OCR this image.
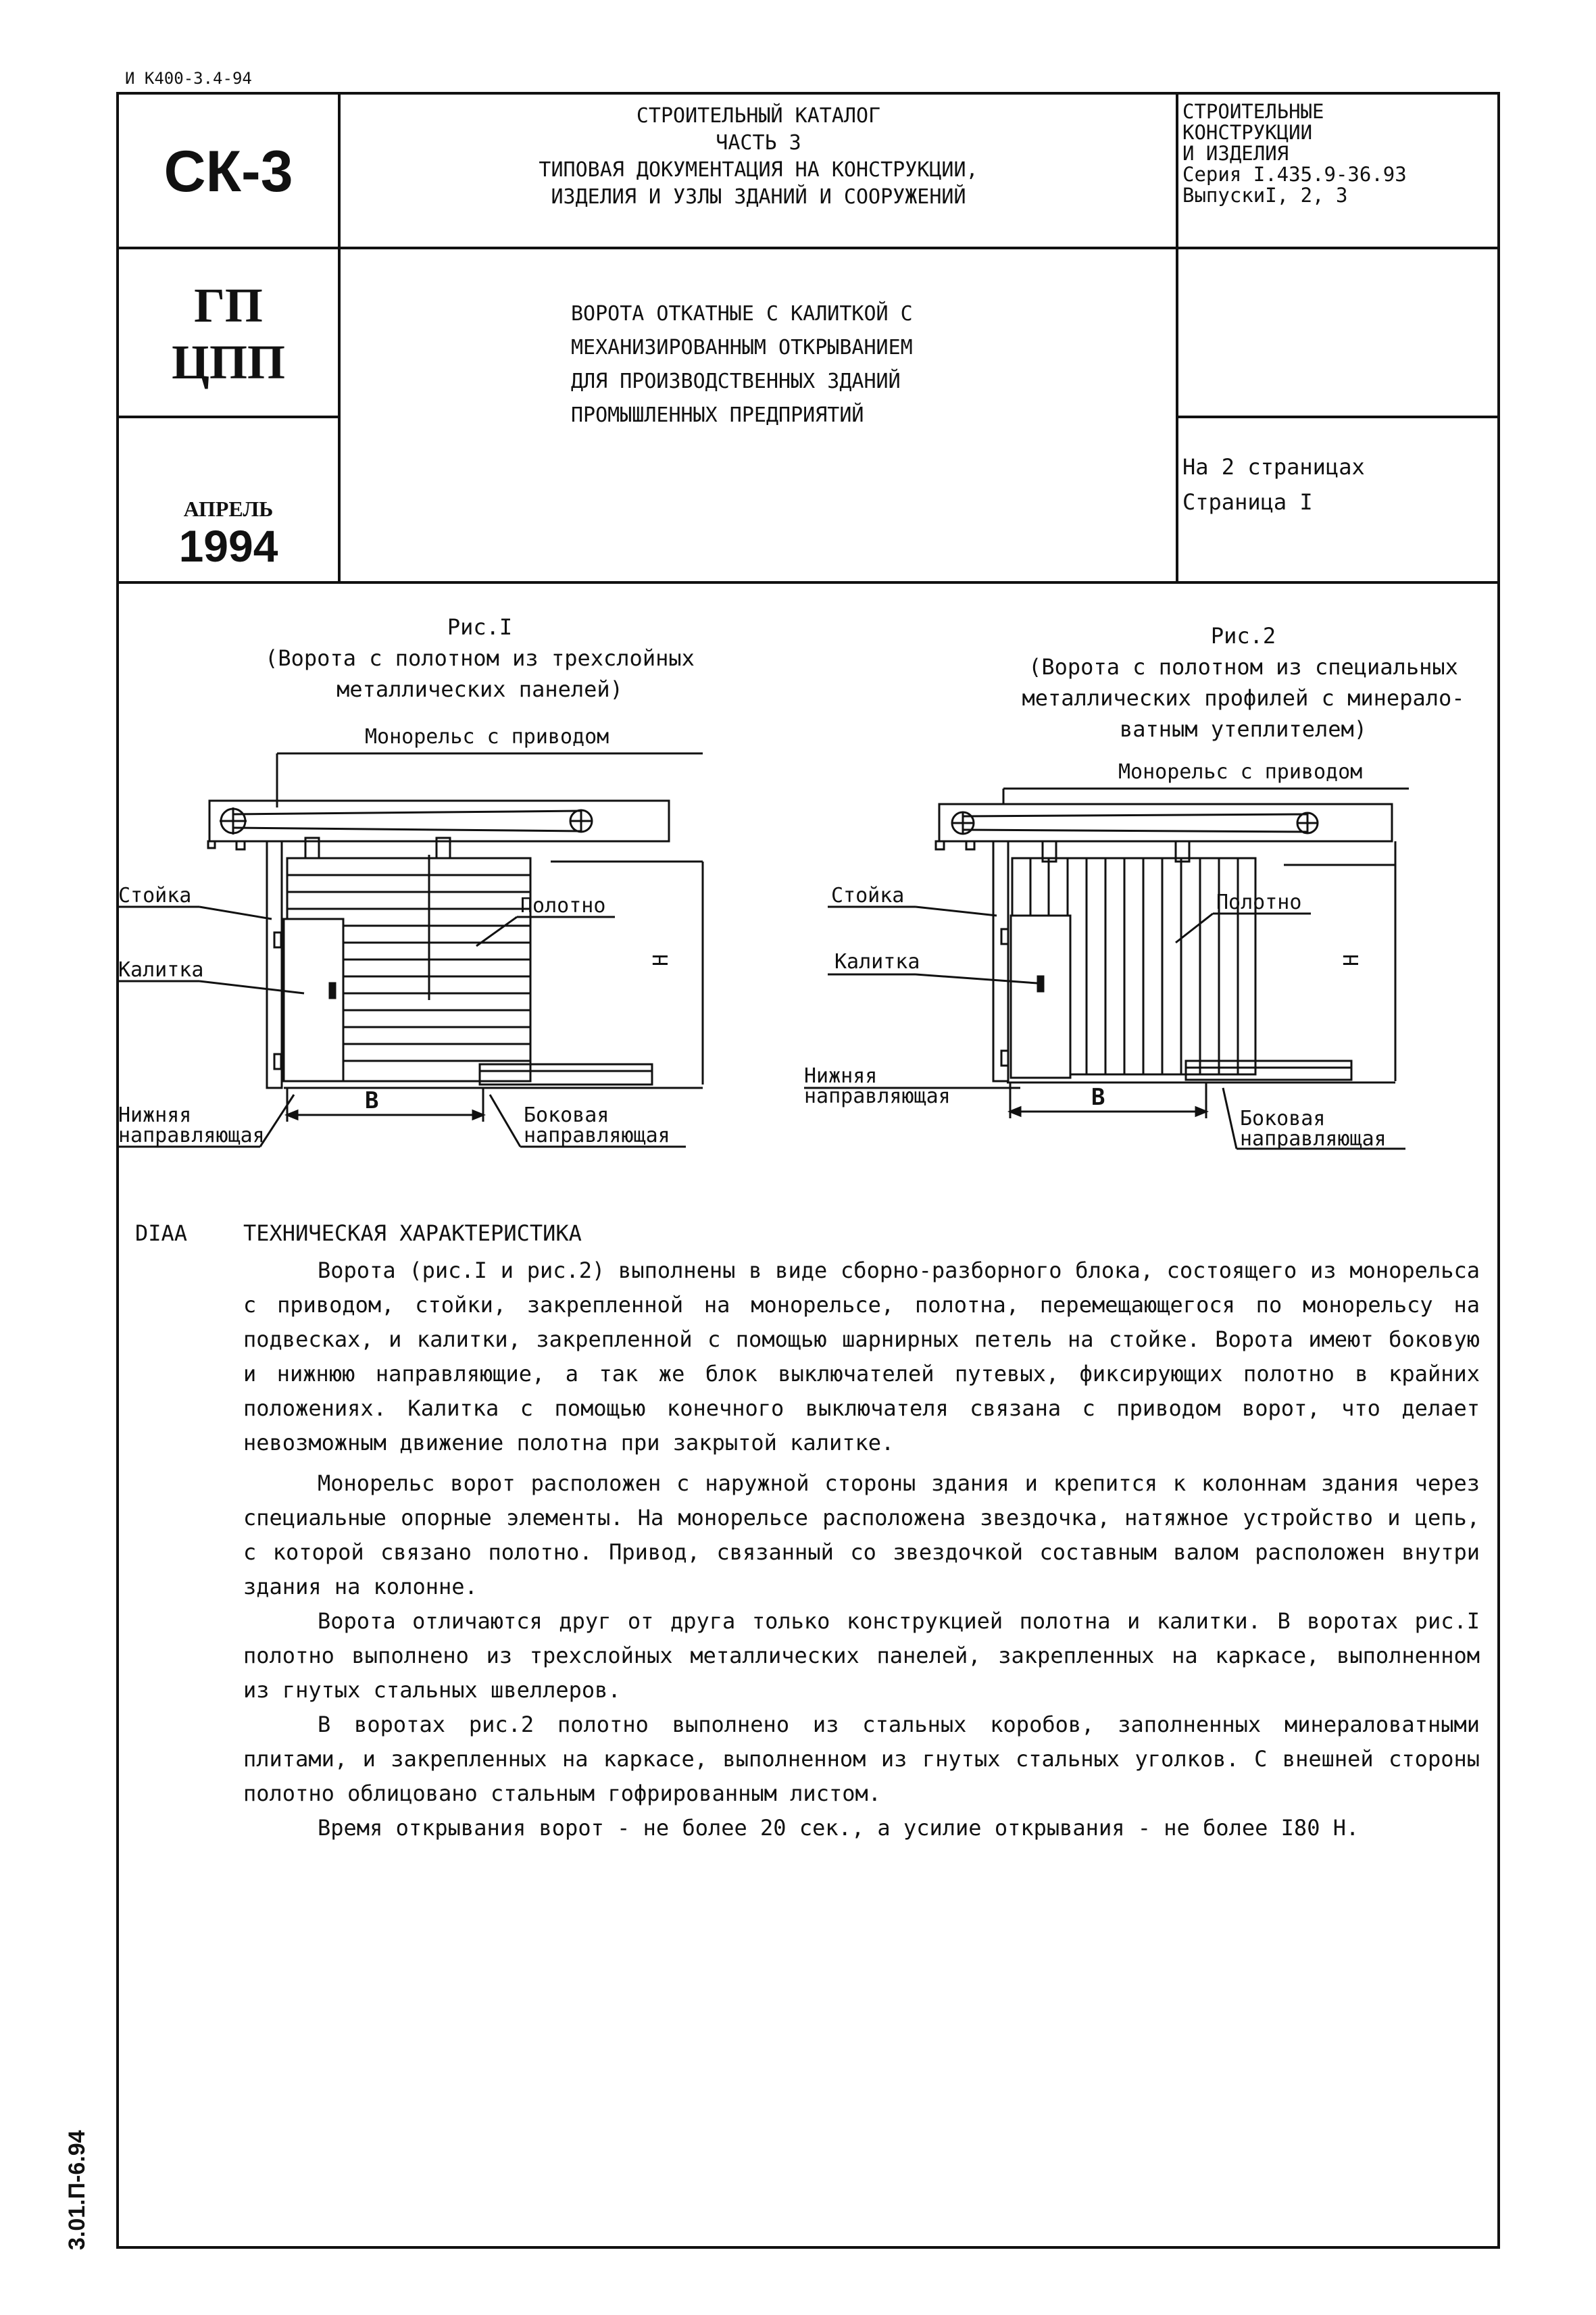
И К400-3.4-94
СК-3
СТРОИТЕЛЬНЫЙ КАТАЛОГ
ЧАСТЬ 3
ТИПОВАЯ ДОКУМЕНТАЦИЯ НА КОНСТРУКЦИИ,
ИЗДЕЛИЯ И УЗЛЫ ЗДАНИЙ И СООРУЖЕНИЙ
СТРОИТЕЛЬНЫЕ
КОНСТРУКЦИИ
И ИЗДЕЛИЯ
Серия I.435.9-36.93
ВыпускиI, 2, 3
ГП
ЦПП
ВОРОТА ОТКАТНЫЕ С КАЛИТКОЙ С
МЕХАНИЗИРОВАННЫМ ОТКРЫВАНИЕМ
ДЛЯ ПРОИЗВОДСТВЕННЫХ ЗДАНИЙ
ПРОМЫШЛЕННЫХ ПРЕДПРИЯТИЙ
На 2 страницах
Страница I
АПРЕЛЬ
1994
Рис.I
(Ворота с полотном из трехслойных
металлических панелей)
Рис.2
(Ворота с полотном из специальных
металлических профилей с минерало-
ватным утеплителем)
Монорельс с приводом
Н
В
Стойка
Калитка
Полотно
Нижняя
направляющая
Боковая
направляющая
Монорельс с приводом
Н
В
Стойка
Калитка
Полотно
Нижняя
направляющая
Боковая
направляющая
DIAA	ТЕХНИЧЕСКАЯ ХАРАКТЕРИСТИКА
Ворота (рис.I и рис.2) выполнены в виде сборно-разборного блока, состоящего из монорельса с приводом, стойки, закрепленной на монорельсе, полотна, перемещающегося по монорельсу на подвесках, и калитки, закрепленной с помощью шарнирных петель на стойке. Ворота имеют боковую и нижнюю направляющие, а так же блок выключателей путевых, фиксирующих полотно в крайних положениях. Калитка с помощью конечного выключателя связана с приводом ворот, что делает невозможным движение полотна при закрытой калитке.
Монорельс ворот расположен с наружной стороны здания и крепится к колоннам здания через специальные опорные элементы. На монорельсе расположена звездочка, натяжное устройство и цепь, с которой связано полотно. Привод, связанный со звездочкой составным валом расположен внутри здания на колонне.
Ворота отличаются друг от друга только конструкцией полотна и калитки. В воротах рис.I полотно выполнено из трехслойных металлических панелей, закрепленных на каркасе, выполненном из гнутых стальных швеллеров.
В воротах рис.2 полотно выполнено из стальных коробов, заполненных минераловатными плитами, и закрепленных на каркасе, выполненном из гнутых стальных уголков. С внешней стороны полотно облицовано стальным гофрированным листом.
Время открывания ворот - не более 20 сек., а усилие открывания - не более I80 Н.
3.01.П-6.94
